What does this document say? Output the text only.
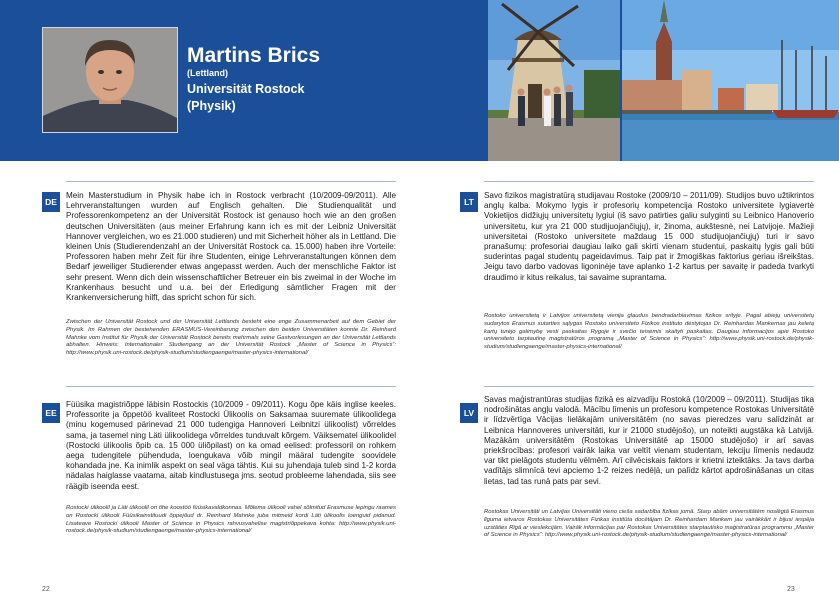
Martins Brics
(Lettland)
Universität Rostock
(Physik)
DE

Mein Masterstudium in Physik habe ich in Rostock verbracht (10/2009-09/2011). Alle Lehrveranstaltungen wurden auf Englisch gehalten. Die Studienqualität und Professorenkompetenz an der Universität Rostock ist genauso hoch wie an den großen deutschen Universitäten (aus meiner Erfahrung kann ich es mit der Leibniz Universität Hannover vergleichen, wo es 21.000 studieren) und mit Sicherheit höher als in Lettland. Die kleinen Unis (Studierendenzahl an der Universität Rostock ca. 15.000) haben ihre Vorteile: Professoren haben mehr Zeit für ihre Studenten, einige Lehrveranstaltungen können dem Bedarf jeweiliger Studierender etwas angepasst werden. Auch der menschliche Faktor ist sehr present. Wenn dich dein wissenschaftlicher Betreuer ein bis zweimal in der Woche im Krankenhaus besucht und u.a. bei der Erledigung sämtlicher Fragen mit der Krankenversicherung hilft, das spricht schon für sich.

Zwischen der Universität Rostock und der Universität Lettlands besteht eine enge Zusammenarbeit auf dem Gebiet der Physik. Im Rahmen der bestehenden ERASMUS-Vereinbarung zwischen den beiden Universitäten konnte Dr. Reinhard Mahnke vom Institut für Physik der Universität Rostock bereits mehrmals seine Gastvorlesungen an der Universität Lettlands abhalten. Hinweis: Internationaler Studiengang an der Universität Rostock „Master of Science in Physics“: http://www.physik.uni-rostock.de/physik-studium/studiengaenge/master-physics-international/

LT

Savo fizikos magistratūrą studijavau Rostoke (2009/10 – 2011/09). Studijos buvo užtikrintos anglų kalba. Mokymo lygis ir profesorių kompetencija Rostoko universitete lygiavertė Vokietijos didžiųjų universitetų lygiui (iš savo patirties galiu sulyginti su Leibnico Hanoverio universitetu, kur yra 21 000 studijuojančiųjų), ir, žinoma, aukštesnė, nei Latvijoje. Mažieji universitetai (Rostoko universitete maždaug 15 000 studijuojančiųjų) turi ir savo pranašumų: profesoriai daugiau laiko gali skirti vienam studentui, paskaitų lygis gali būti suderintas pagal studentų pageidavimus. Taip pat ir žmogiškas faktorius geriau išreikštas. Jeigu tavo darbo vadovas ligoninėje tave aplanko 1-2 kartus per savaitę ir padeda tvarkyti draudimo ir kitus reikalus, tai savaime suprantama.

Rostoko universitetą ir Latvijos universitetą vienija glaudus bendradarbiavimas fizikos srityje. Pagal abiejų universitetų sudarytos Erasmus sutarties sąlygas Rostoko universiteto Fizikos instituto dėstytojas Dr. Reinhardas Mankernas jau keletą kartų turėjo galimybę vesti paskaitas Rygoje ir svečio teisėmis skaityti paskaitas. Daugiau informacijos apie Rostoko universiteto tarptautinę magistratūros programą „Master of Science in Physics“: http://www.physik.uni-rostock.de/physik-studium/studiengaenge/master-physics-international/

EE

Füüsika magistriõppe läbisin Rostockis (10/2009 - 09/2011). Kogu õpe käis inglise keeles. Professorite ja õppetöö kvaliteet Rostocki Ülikoolis on Saksamaa suuremate ülikoolidega (minu kogemused pärinevad 21 000 tudengiga Hannoveri Leibnitzi ülikoolist) võrreldes sama, ja tasemel ning Läti ülikoolidega võrreldes tunduvalt kõrgem. Väiksematel ülikoolidel (Rostocki ülikoolis õpib ca. 15 000 üliõpilast) on ka omad eelised: professoril on rohkem aega tudengitele pühenduda, loengukava võib mingil määral tudengite soovidele kohandada jne. Ka inimlik aspekt on seal väga tähtis. Kui su juhendaja tuleb sind 1-2 korda nädalas haiglasse vaatama, aitab kindlustusega jms. seotud probleeme lahendada, siis see räägib iseenda eest.

Rostocki ülikoolil ja Läti ülikoolil on tihe koostöö füüsikavaldkonnas. Mõlema ülikooli vahel sõlmitud Erasmuse lepingu raames on Rostocki ülikooli Füüsikainstituudi õppejõud dr. Reinhard Mahnke juba mitmeid kordi Läti ülikoolis loenguid pidanud. Lisateave Rostocki ülikooli Master of Science in Physics rahvusvahelise magistriõppekava kohta: http://www.physik.uni-rostock.de/physik-studium/studiengaenge/master-physics-international/

LV

Savas maģistrantūras studijas fizikā es aizvadīju Rostokā (10/2009 – 09/2011). Studijas tika nodrošinātas angļu valodā. Mācību līmenis un profesoru kompetence Rostokas Universitātē ir līdzvērtīga Vācijas lielākajām universitātēm (no savas pieredzes varu salīdzināt ar Leibnica Hannoveres universitāti, kur ir 21000 studējošo), un noteikti augstāka kā Latvijā. Mazākām universitātēm (Rostokas Universitātē ap 15000 studējošo) ir arī savas priekšrocības: profesori vairāk laika var veltīt vienam studentam, lekciju līmenis nedaudz var tikt pielāgots studentu vēlmēm. Arī cilvēciskais faktors ir krietni izteiktāks. Ja tavs darba vadītājs slimnīcā tevi apciemo 1-2 reizes nedēļā, un palīdz kārtot apdrošināšanas un citas lietas, tad tas runā pats par sevi.

Rostokas Universitāti un Latvijas Universitāti vieno cieša sadarbība fizikas jomā. Starp abām universitātēm noslēgtā Erasmus līguma ietvaros Rostokas Universitātes Fizikas institūta docētājam Dr. Reinhardam Mankem jau vairākkārt ir bijusi iespēja uzstāties Rīgā ar vieslekcijām. Vairāk informācijas par Rostokas Universitātes starptautisko maģistratūras programmu „Master of Science in Physics“: http://www.physik.uni-rostock.de/physik-studium/studiengaenge/master-physics-international/

22	23
